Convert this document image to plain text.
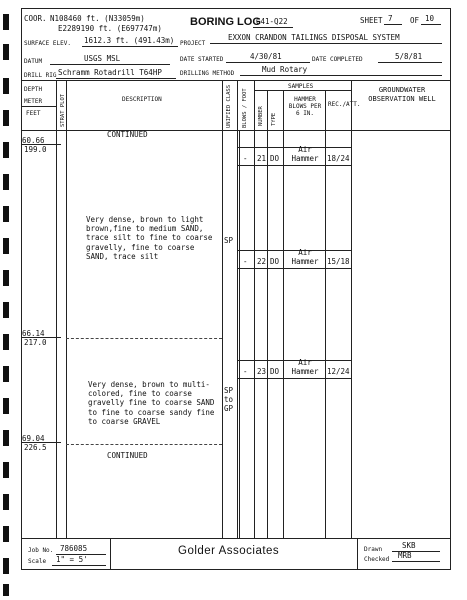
COOR. N108460 ft. (N33059m)
E2289190 ft. (E697747m)
BORING LOG
G41-Q22	SHEET 7 OF 10
SURFACE ELEV. 1612.3 ft. (491.43m) PROJECT
EXXON CRANDON TAILINGS DISPOSAL SYSTEM
DATUM	USGS MSL	DATE STARTED	4/30/81	DATE COMPLETED	5/8/81
DRILL RIG Schramm Rotadrill T64HP	DRILLING METHOD	Mud Rotary
DEPTH
METER
FEET	STRAT PLOT	DESCRIPTION	UNIFIED CLASS BLOWS / FOOT
SAMPLES
NUMBER TYPE
HAMMER BLOWS PER 6 IN.
REC./ATT.
GROUNDWATER OBSERVATION WELL
CONTINUED
60.66
199.0
66.14
217.0
69.04
226.5
CONTINUED
Very dense, brown to light
brown,fine to medium SAND,
trace silt to fine to coarse
gravelly, fine to coarse
SAND, trace silt
SP
Very dense, brown to multi-
colored, fine to coarse
gravelly fine to coarse SAND
to fine to coarse sandy fine
to coarse GRAVEL
SP
to
GP
- 21 DO
Air
Hammer	18/24
- 22 DO
Air
Hammer	15/18
- 23 DO
Air
Hammer	12/24
Job No. 786085
Scale 1" = 5'
Golder Associates	Drawn	SKB
Checked MRB
